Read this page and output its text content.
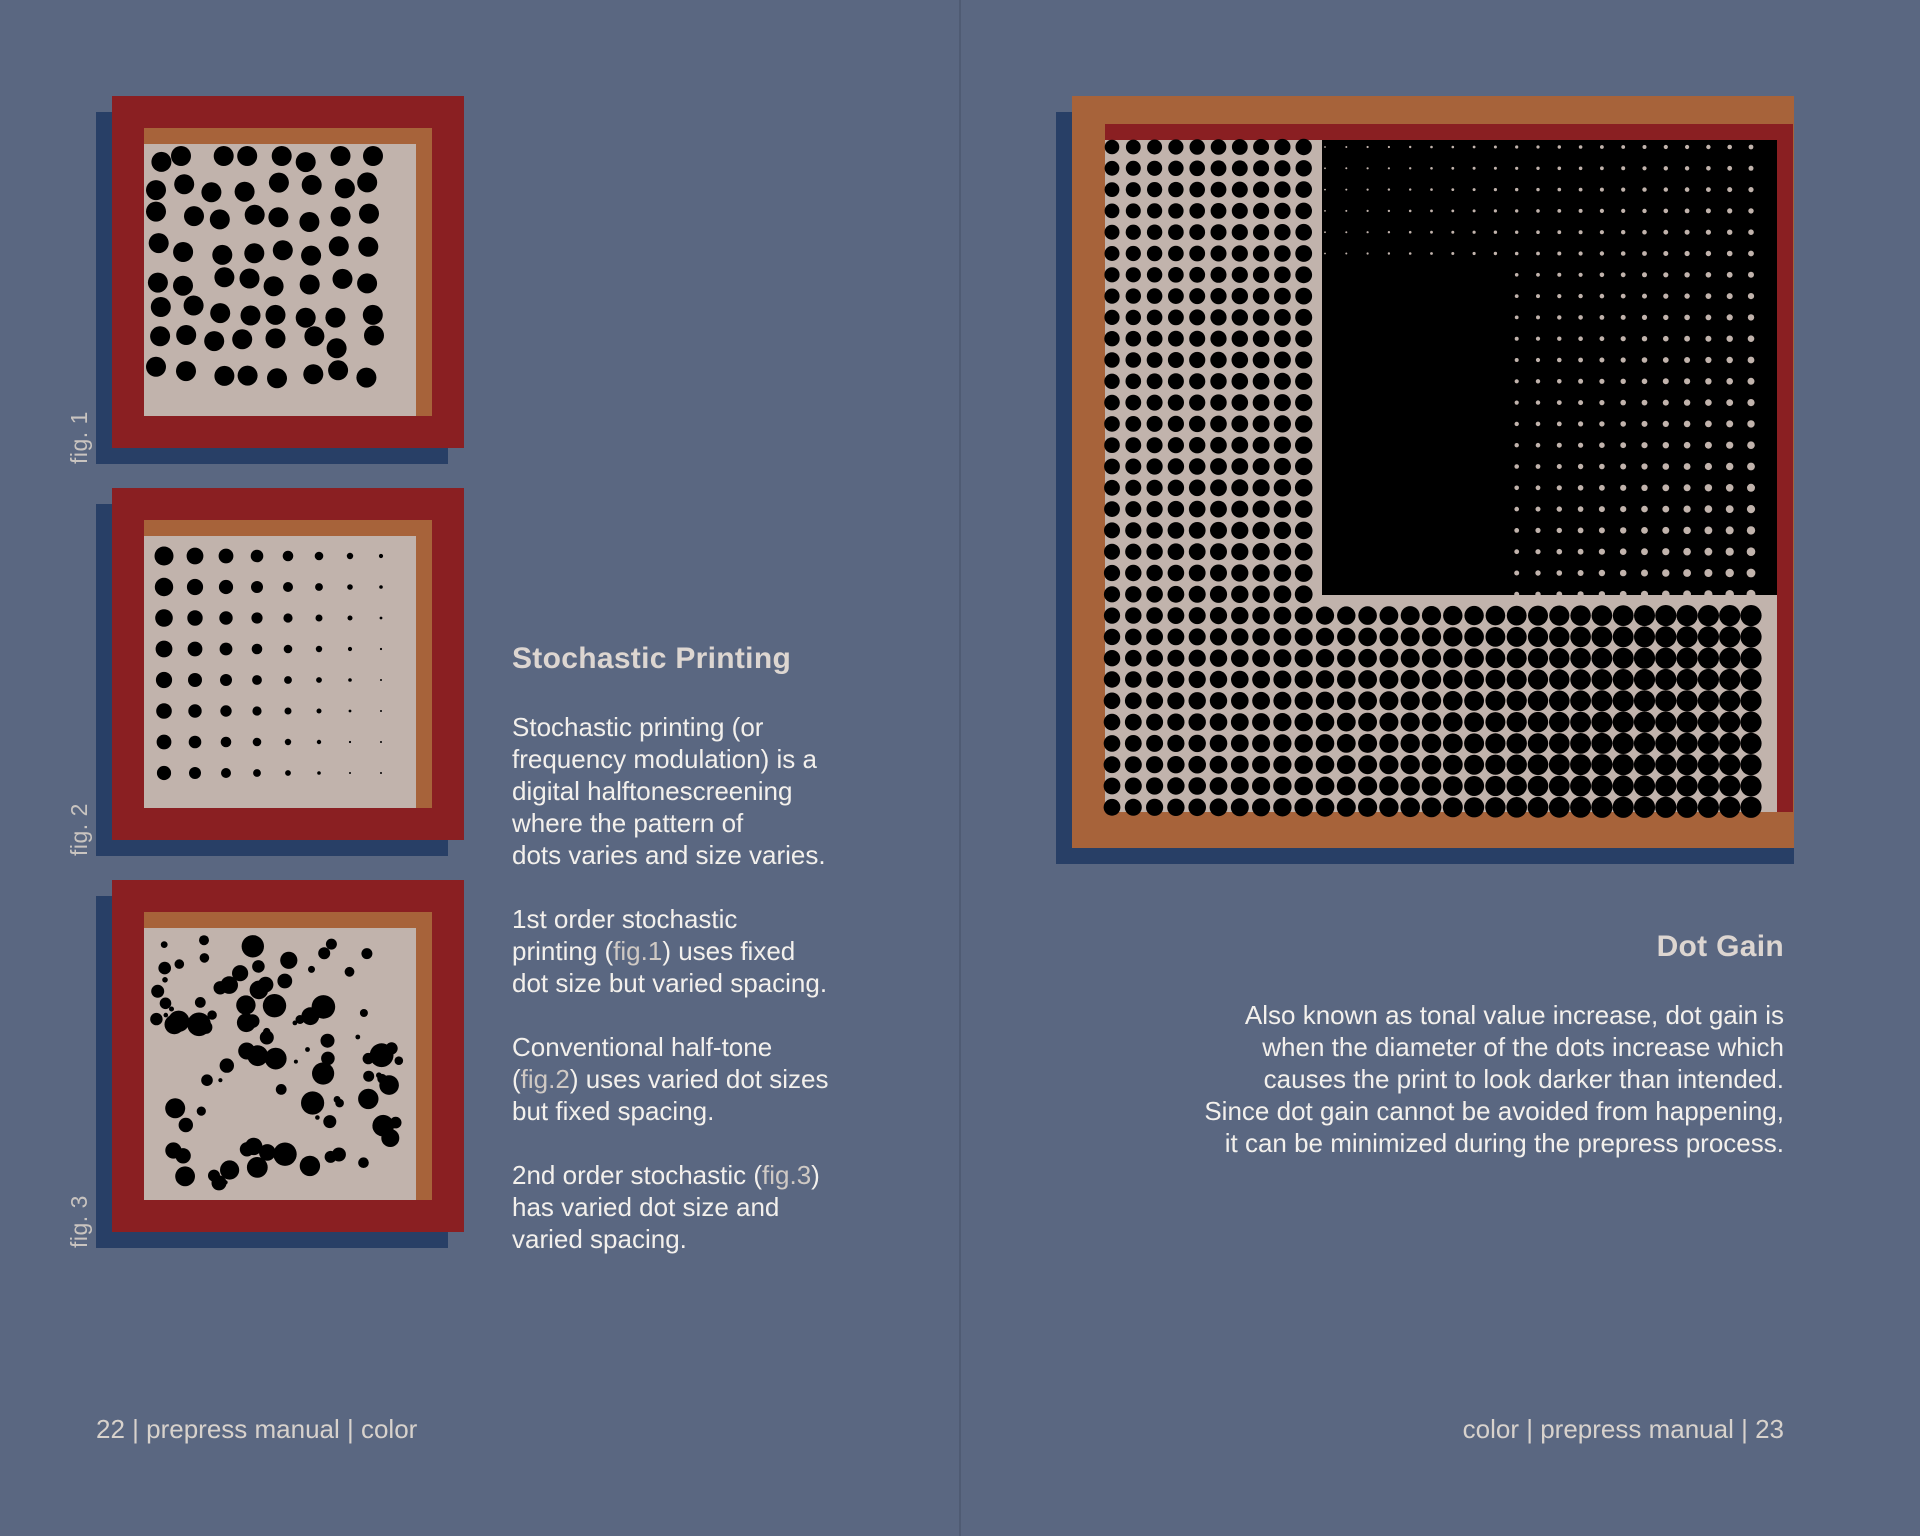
fig. 1
fig. 2
fig. 3
Stochastic Printing
Stochastic printing (or
frequency modulation) is a
digital halftonescreening
where the pattern of
dots varies and size varies.
1st order stochastic
printing (fig.1) uses fixed
dot size but varied spacing.
Conventional half-tone
(fig.2) uses varied dot sizes
but fixed spacing.
2nd order stochastic (fig.3)
has varied dot size and
varied spacing.
22 | prepress manual | color
Dot Gain
Also known as tonal value increase, dot gain is
when the diameter of the dots increase which
causes the print to look darker than intended.
Since dot gain cannot be avoided from happening,
it can be minimized during the prepress process.
color | prepress manual | 23
